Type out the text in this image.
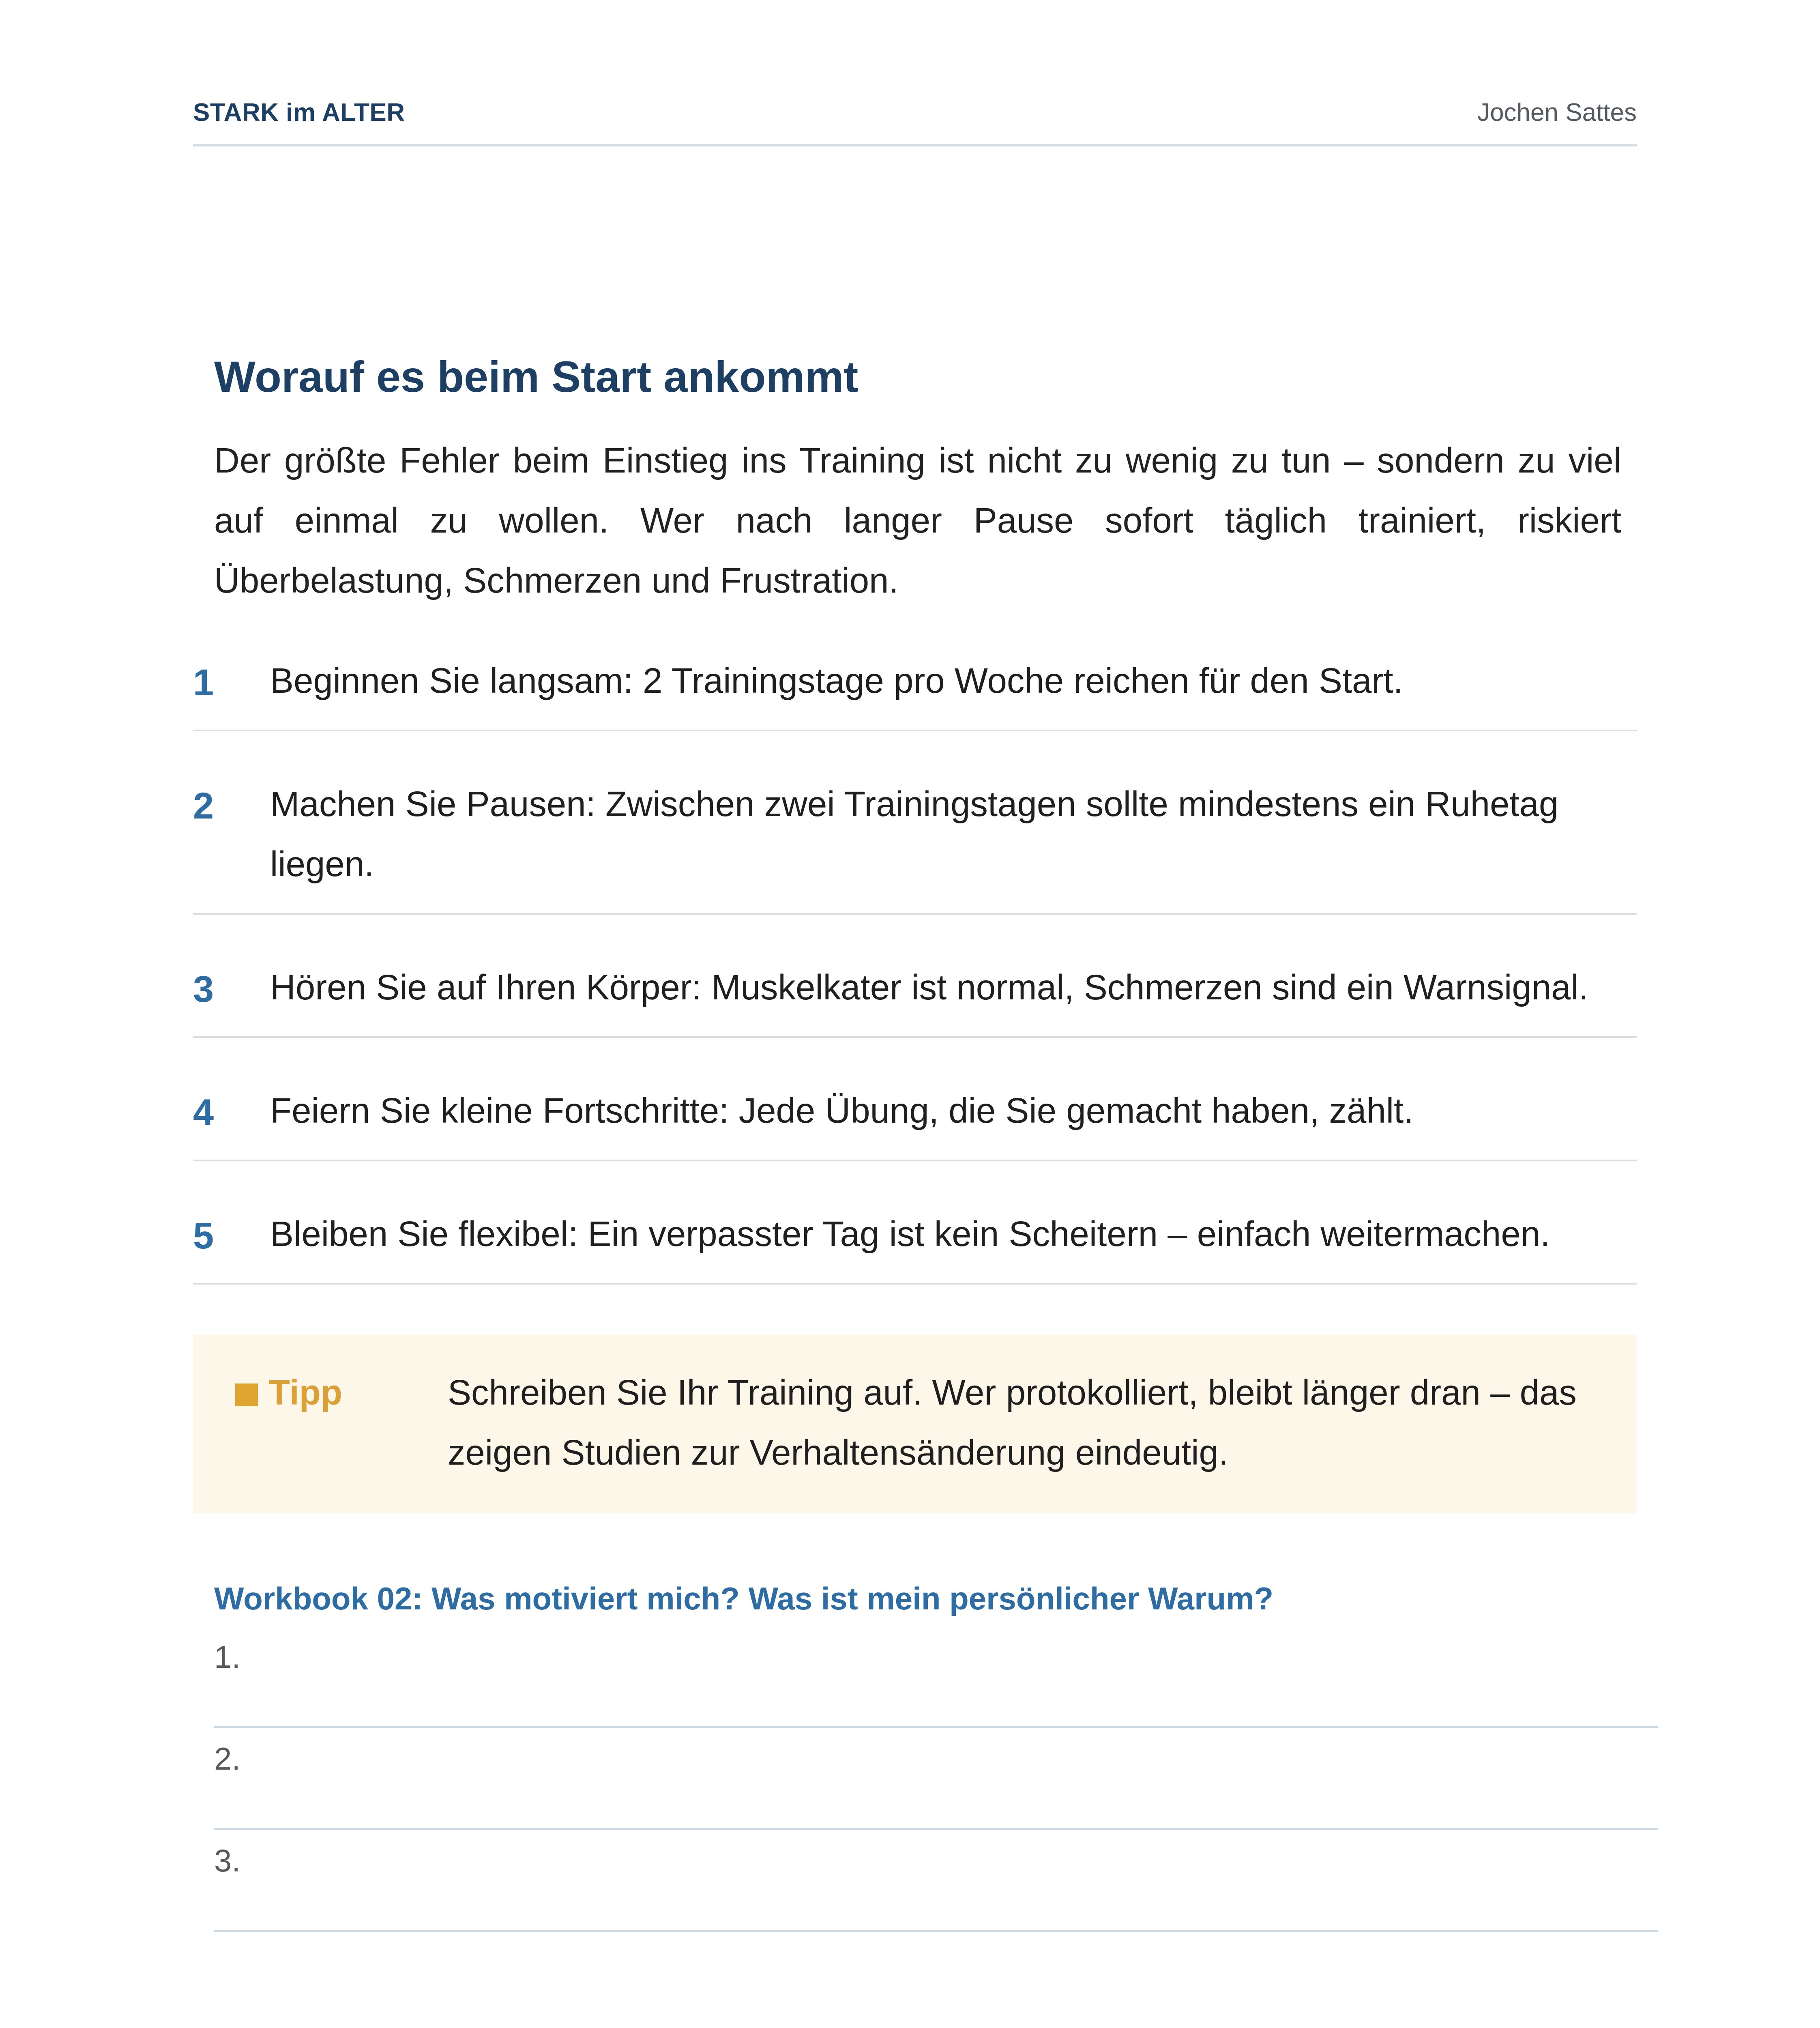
STARK im ALTER	Jochen Sattes
Worauf es beim Start ankommt

Der größte Fehler beim Einstieg ins Training ist nicht zu wenig zu tun – sondern zu viel auf einmal zu wollen. Wer nach langer Pause sofort täglich trainiert, riskiert Überbelastung, Schmerzen und Frustration.

1	Beginnen Sie langsam: 2 Trainingstage pro Woche reichen für den Start.
2	Machen Sie Pausen: Zwischen zwei Trainingstagen sollte mindestens ein Ruhetag liegen.
3	Hören Sie auf Ihren Körper: Muskelkater ist normal, Schmerzen sind ein Warnsignal.
4	Feiern Sie kleine Fortschritte: Jede Übung, die Sie gemacht haben, zählt.
5	Bleiben Sie flexibel: Ein verpasster Tag ist kein Scheitern – einfach weitermachen.
Tipp	Schreiben Sie Ihr Training auf. Wer protokolliert, bleibt länger dran – das zeigen Studien zur Verhaltensänderung eindeutig.
Workbook 02: Was motiviert mich? Was ist mein persönlicher Warum?
1.
2.
3.
